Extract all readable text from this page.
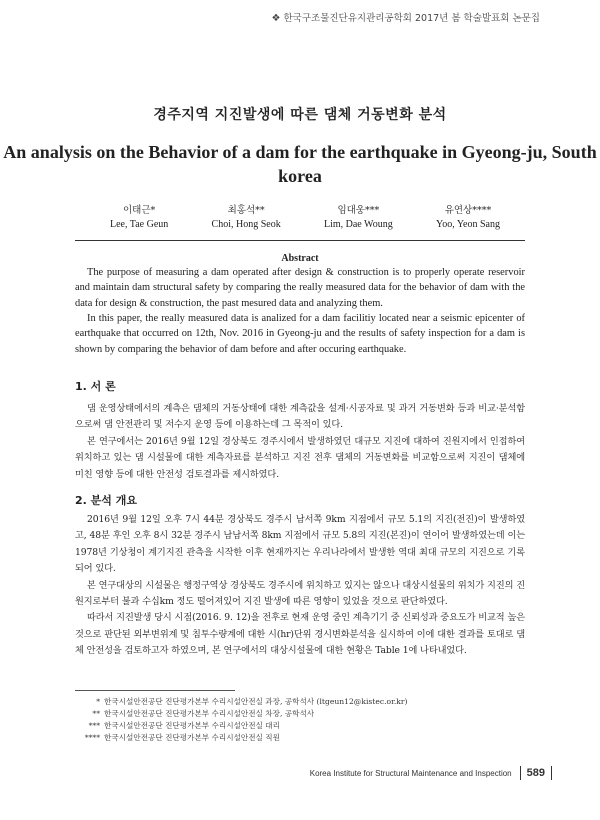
❖ 한국구조물진단유지관리공학회 2017년 봄 학술발표회 논문집
경주지역 지진발생에 따른 댐체 거동변화 분석
An analysis on the Behavior of a dam for the earthquake in Gyeong-ju, South korea
이태근*
Lee, Tae Geun
최홍석**
Choi, Hong Seok
임대웅***
Lim, Dae Woung
유연상****
Yoo, Yeon Sang
Abstract
The purpose of measuring a dam operated after design & construction is to properly operate reservoir and maintain dam structural safety by comparing the really measured data for the behavior of dam with the data for design & construction, the past mesured data and analyzing them.
In this paper, the really measured data is analized for a dam facilitiy located near a seismic epicenter of earthquake that occurred on 12th, Nov. 2016 in Gyeong-ju and the results of safety inspection for a dam is shown by comparing the behavior of dam before and after occuring earthquake.
1. 서 론

댐 운영상태에서의 계측은 댐체의 거동상태에 대한 계측값을 설계·시공자료 및 과거 거동변화 등과 비교·분석함으로써 댐 안전관리 및 저수지 운영 등에 이용하는데 그 목적이 있다.

본 연구에서는 2016년 9월 12일 경상북도 경주시에서 발생하였던 대규모 지진에 대하여 진원지에서 인접하여 위치하고 있는 댐 시설물에 대한 계측자료를 분석하고 지진 전후 댐체의 거동변화를 비교함으로써 지진이 댐체에 미친 영향 등에 대한 안전성 검토결과를 제시하였다.

2. 분석 개요

2016년 9월 12일 오후 7시 44분 경상북도 경주시 남서쪽 9km 지점에서 규모 5.1의 지진(전진)이 발생하였고, 48분 후인 오후 8시 32분 경주시 남남서쪽 8km 지점에서 규모 5.8의 지진(본진)이 연이어 발생하였는데 이는 1978년 기상청이 계기지진 관측을 시작한 이후 현재까지는 우리나라에서 발생한 역대 최대 규모의 지진으로 기록되어 있다.

본 연구대상의 시설물은 행정구역상 경상북도 경주시에 위치하고 있지는 않으나 대상시설물의 위치가 지진의 진원지로부터 불과 수십km 정도 떨어져있어 지진 발생에 따른 영향이 있었을 것으로 판단하였다.

따라서 지진발생 당시 시점(2016. 9. 12)을 전후로 현재 운영 중인 계측기기 중 신뢰성과 중요도가 비교적 높은 것으로 판단된 외부변위계 및 침투수량계에 대한 시(hr)단위 경시변화분석을 실시하여 이에 대한 결과를 토대로 댐체 안전성을 검토하고자 하였으며, 본 연구에서의 대상시설물에 대한 현황은 Table 1에 나타내었다.

* 한국시설안전공단 진단평가본부 수리시설안전실 과장, 공학석사 (ltgeun12@kistec.or.kr)
** 한국시설안전공단 진단평가본부 수리시설안전실 차장, 공학석사
*** 한국시설안전공단 진단평가본부 수리시설안전실 대리
**** 한국시설안전공단 진단평가본부 수리시설안전실 직원
Korea Institute for Structural Maintenance and Inspection 589
